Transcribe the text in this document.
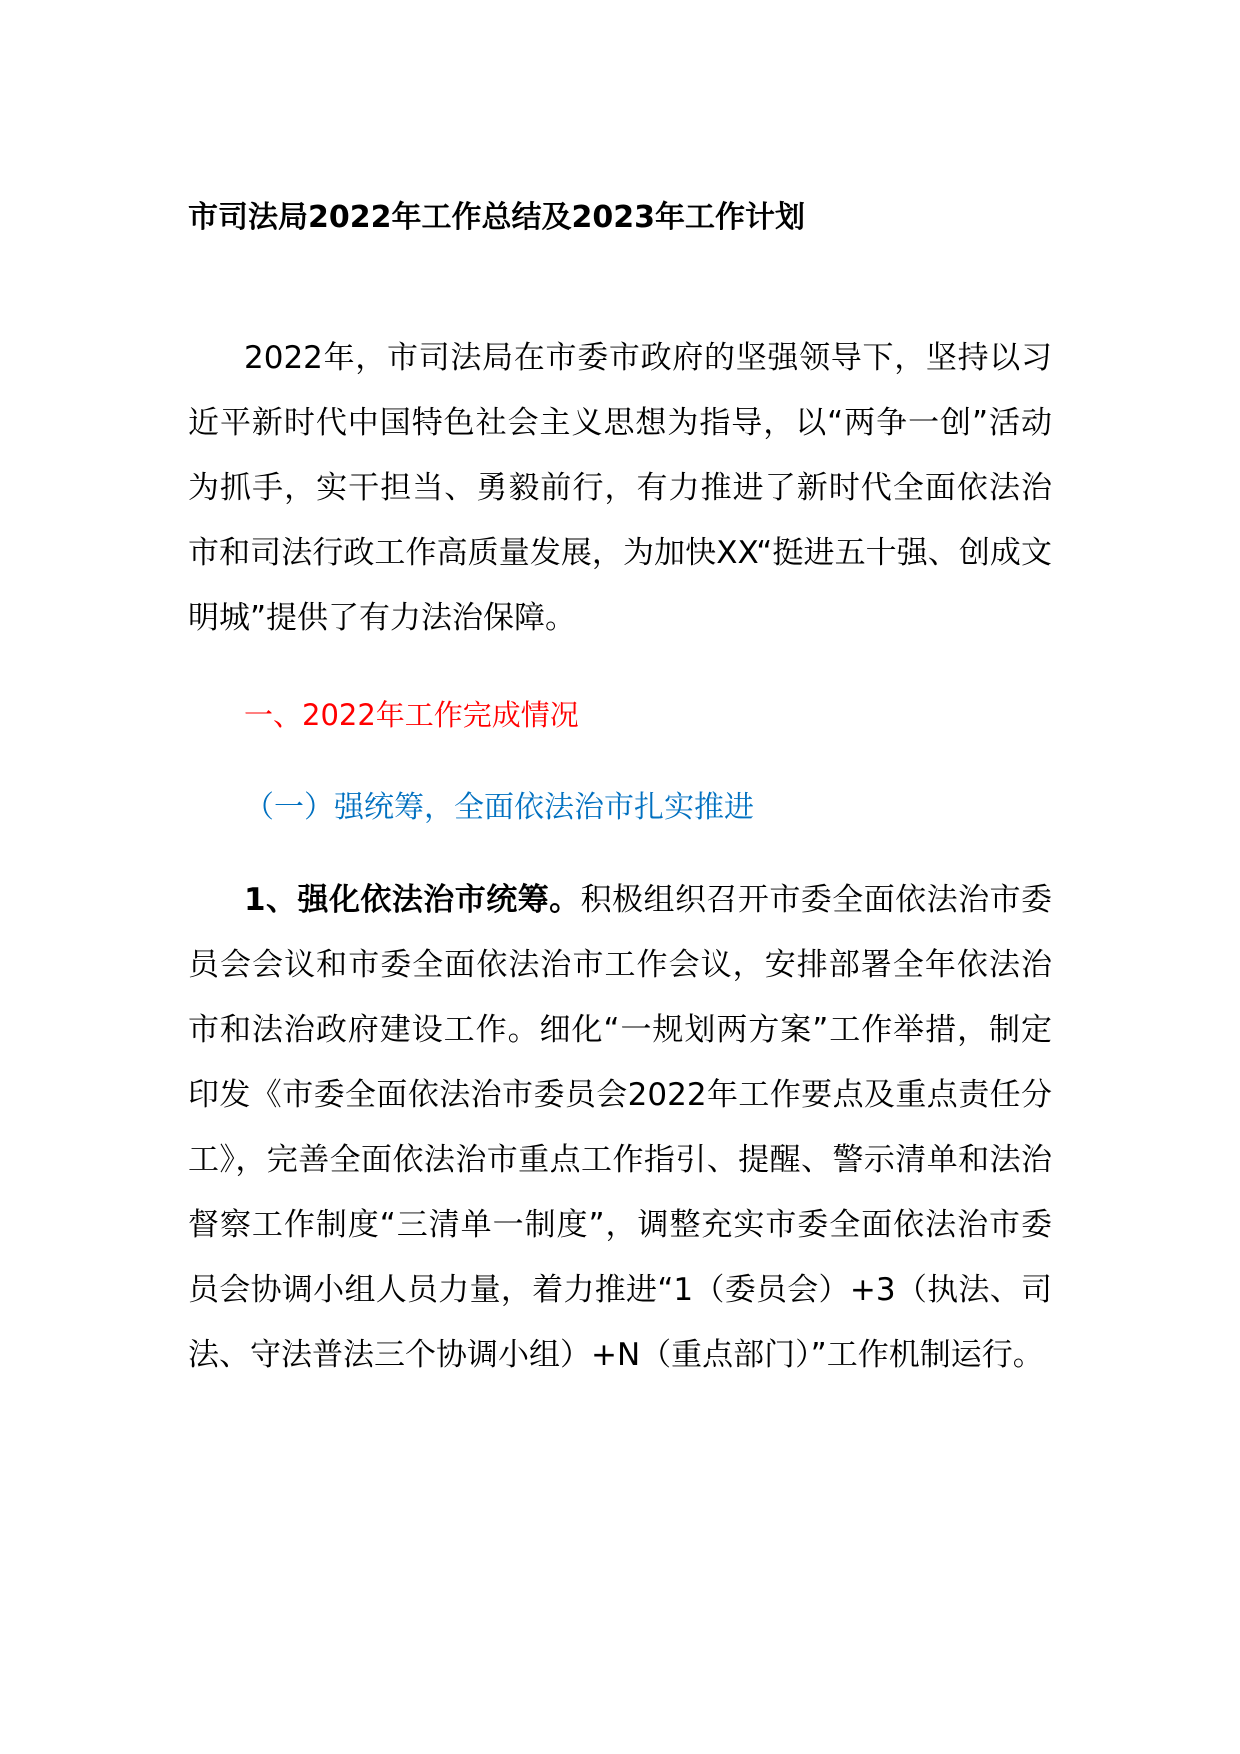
市司法局2022年工作总结及2023年工作计划

2022年，市司法局在市委市政府的坚强领导下，坚持以习近平新时代中国特色社会主义思想为指导，以“两争一创”活动为抓手，实干担当、勇毅前行，有力推进了新时代全面依法治市和司法行政工作高质量发展，为加快XX“挺进五十强、创成文明城”提供了有力法治保障。

一、2022年工作完成情况

（一）强统筹，全面依法治市扎实推进

1、强化依法治市统筹。积极组织召开市委全面依法治市委员会会议和市委全面依法治市工作会议，安排部署全年依法治市和法治政府建设工作。细化“一规划两方案”工作举措，制定印发《市委全面依法治市委员会2022年工作要点及重点责任分工》，完善全面依法治市重点工作指引、提醒、警示清单和法治督察工作制度“三清单一制度”，调整充实市委全面依法治市委员会协调小组人员力量，着力推进“1（委员会）+3（执法、司法、守法普法三个协调小组）+N（重点部门）”工作机制运行。
